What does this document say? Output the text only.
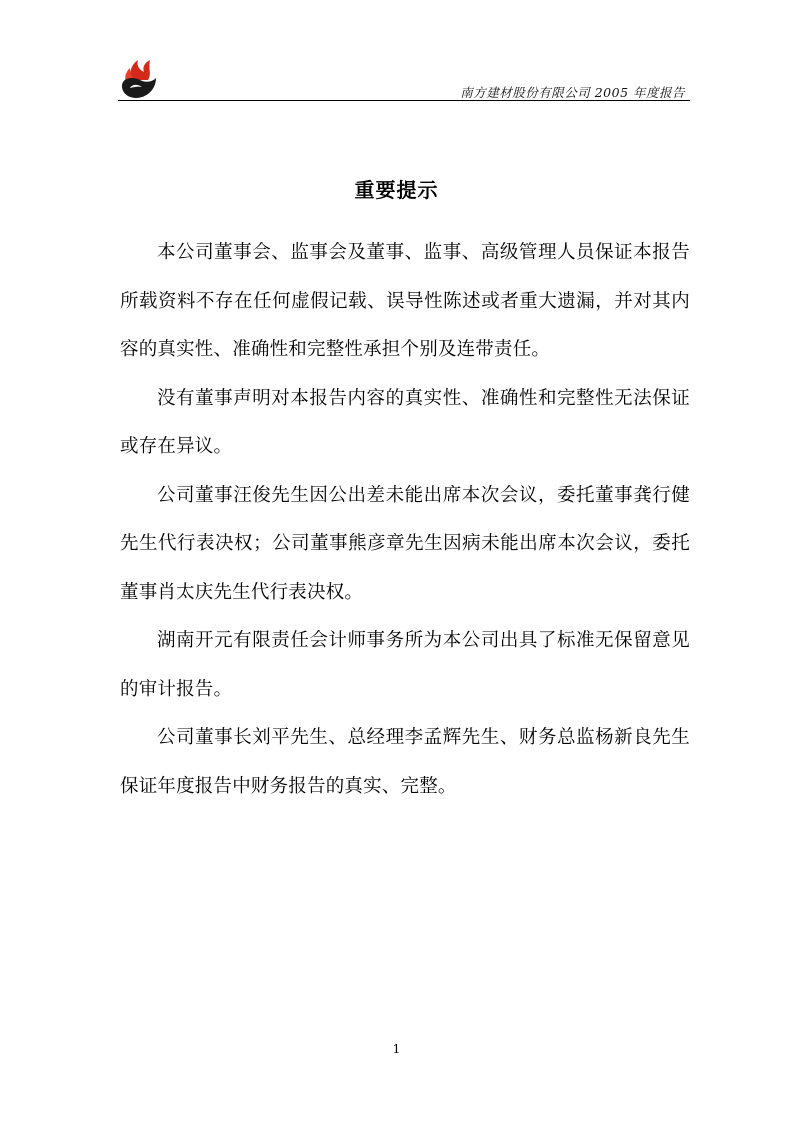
南方建材股份有限公司 2005 年度报告
重要提示

本公司董事会、监事会及董事、监事、高级管理人员保证本报告所载资料不存在任何虚假记载、误导性陈述或者重大遗漏，并对其内容的真实性、准确性和完整性承担个别及连带责任。

没有董事声明对本报告内容的真实性、准确性和完整性无法保证或存在异议。

公司董事汪俊先生因公出差未能出席本次会议，委托董事龚行健先生代行表决权；公司董事熊彦章先生因病未能出席本次会议，委托董事肖太庆先生代行表决权。

湖南开元有限责任会计师事务所为本公司出具了标准无保留意见的审计报告。

公司董事长刘平先生、总经理李孟辉先生、财务总监杨新良先生保证年度报告中财务报告的真实、完整。

1
